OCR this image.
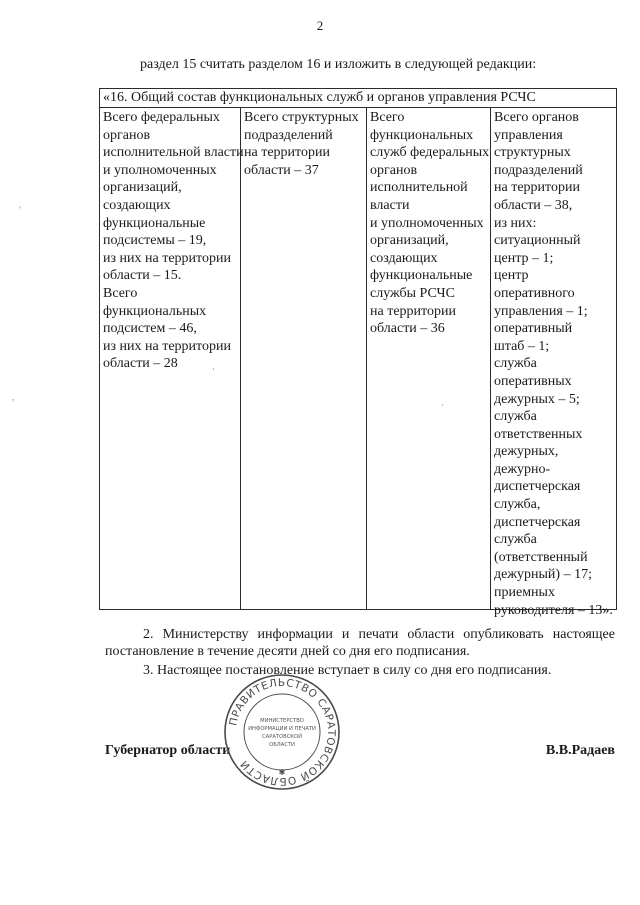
2
раздел 15 считать разделом 16 и изложить в следующей редакции:
«16. Общий состав функциональных служб и органов управления РСЧС
Всего федеральных
органов
исполнительной власти
и уполномоченных
организаций,
создающих
функциональные
подсистемы – 19,
из них на территории
области – 15.
Всего
функциональных
подсистем – 46,
из них на территории
области – 28
Всего структурных
подразделений
на территории
области – 37
Всего
функциональных
служб федеральных
органов
исполнительной
власти
и уполномоченных
организаций,
создающих
функциональные
службы РСЧС
на территории
области – 36
Всего органов
управления
структурных
подразделений
на территории
области – 38,
из них:
ситуационный
центр – 1;
центр
оперативного
управления – 1;
оперативный
штаб – 1;
служба
оперативных
дежурных – 5;
служба
ответственных
дежурных,
дежурно-
диспетчерская
служба,
диспетчерская
служба
(ответственный
дежурный) – 17;
приемных
руководителя – 13».
2. Министерству информации и печати области опубликовать настоящее постановление в течение десяти дней со дня его подписания.
3. Настоящее постановление вступает в силу со дня его подписания.
Губернатор области	В.В.Радаев
ПРАВИТЕЛЬСТВО САРАТОВСКОЙ ОБЛАСТИ
✱
МИНИСТЕРСТВО
ИНФОРМАЦИИ И ПЕЧАТИ
САРАТОВСКОЙ
ОБЛАСТИ
′
,
·
·
